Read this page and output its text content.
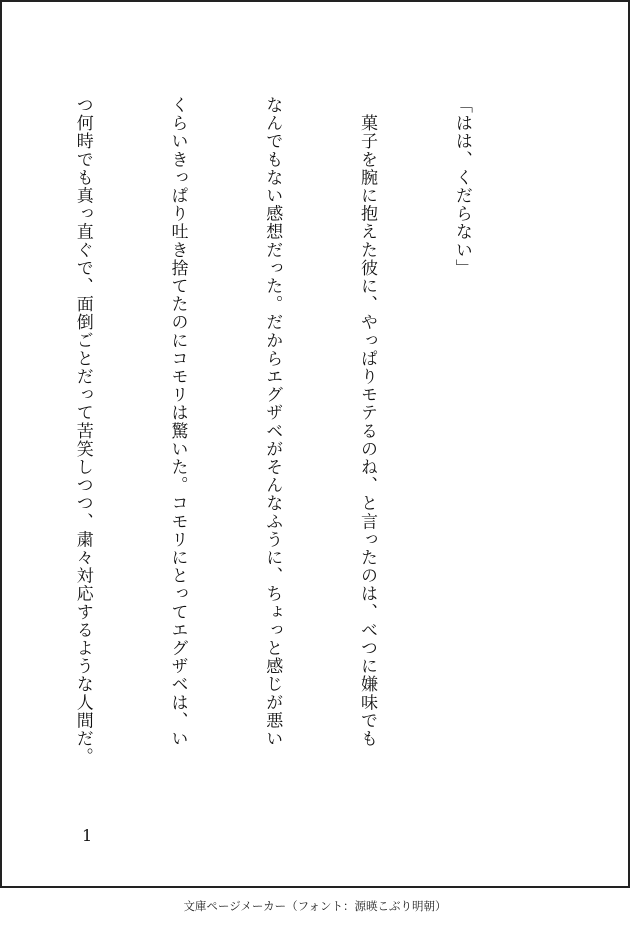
「はは、くだらない」

　菓子を腕に抱えた彼に、やっぱりモテるのね、と言ったのは、べつに嫌味でも

なんでもない感想だった。だからエグザベがそんなふうに、ちょっと感じが悪い

くらいきっぱり吐き捨てたのにコモリは驚いた。コモリにとってエグザベは、い

つ何時でも真っ直ぐで、面倒ごとだって苦笑しつつ、粛々対応するような人間だ。

1
文庫ページメーカー（フォント：源暎こぶり明朝）
